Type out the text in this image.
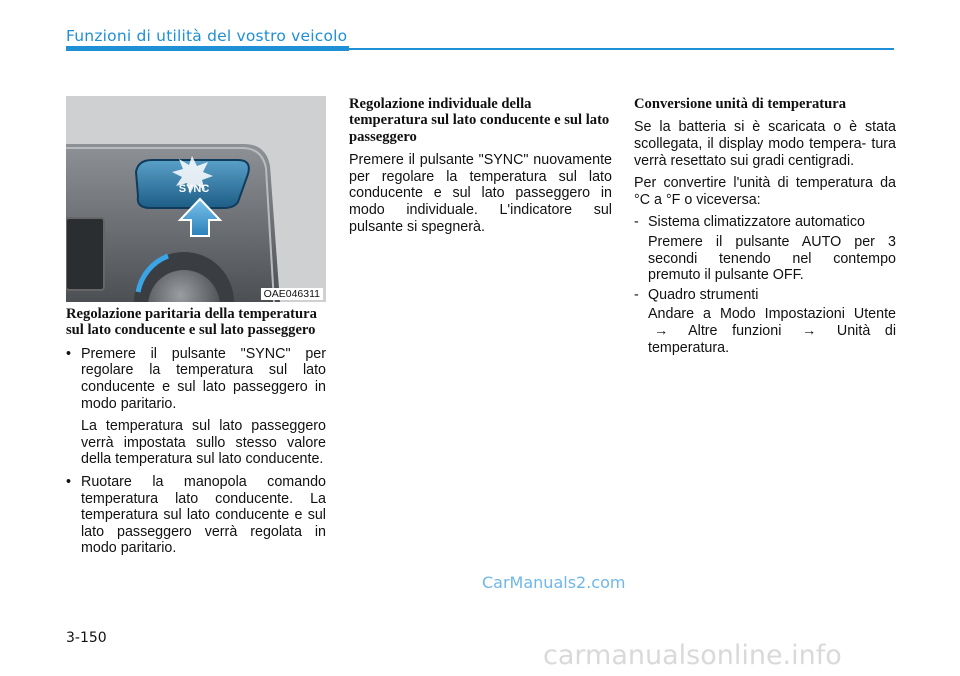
Funzioni di utilità del vostro veicolo
SYNC
OAE046311

Regolazione paritaria della temperatura sul lato conducente e sul lato passeggero

• Premere il pulsante "SYNC" per regolare la temperatura sul lato conducente e sul lato passeggero in modo paritario.

La temperatura sul lato passeggero verrà impostata sullo stesso valore della temperatura sul lato conducente.

• Ruotare la manopola comando temperatura lato conducente. La temperatura sul lato conducente e sul lato passeggero verrà regolata in modo paritario.

Regolazione individuale della temperatura sul lato conducente e sul lato passeggero

Premere il pulsante "SYNC" nuovamente per regolare la temperatura sul lato conducente e sul lato passeggero in modo individuale. L'indicatore sul pulsante si spegnerà.

Conversione unità di temperatura

Se la batteria si è scaricata o è stata scollegata, il display modo tempera- tura verrà resettato sui gradi centigradi.

Per convertire l'unità di temperatura da °C a °F o viceversa:

- Sistema climatizzatore automatico

Premere il pulsante AUTO per 3 secondi tenendo nel contempo premuto il pulsante OFF.

- Quadro strumenti

Andare a Modo Impostazioni Utente → Altre funzioni → Unità di temperatura.

CarManuals2.com
3-150
carmanualsonline.info
